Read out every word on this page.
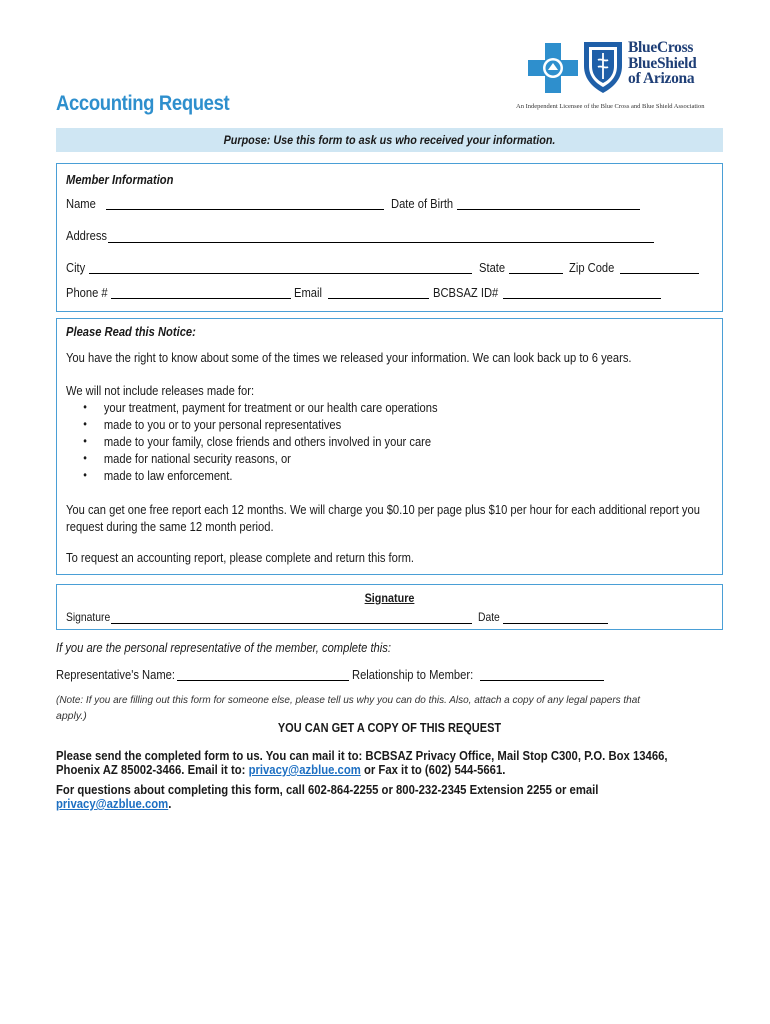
BlueCross
BlueShield
of Arizona
An Independent Licensee of the Blue Cross and Blue Shield Association
Accounting Request
Purpose: Use this form to ask us who received your information.
Member Information
Name	Date of Birth
Address
City	State	Zip Code
Phone #	Email	BCBSAZ ID#
Please Read this Notice:
You have the right to know about some of the times we released your information. We can look back up to 6 years.
We will not include releases made for:
• your treatment, payment for treatment or our health care operations
• made to you or to your personal representatives
• made to your family, close friends and others involved in your care
• made for national security reasons, or
• made to law enforcement.
You can get one free report each 12 months. We will charge you $0.10 per page plus $10 per hour for each additional report you
request during the same 12 month period.
To request an accounting report, please complete and return this form.
Signature
Signature	Date
If you are the personal representative of the member, complete this:
Representative's Name:	Relationship to Member:
(Note: If you are filling out this form for someone else, please tell us why you can do this. Also, attach a copy of any legal papers that
apply.)
YOU CAN GET A COPY OF THIS REQUEST
Please send the completed form to us. You can mail it to: BCBSAZ Privacy Office, Mail Stop C300, P.O. Box 13466,
Phoenix AZ 85002-3466. Email it to: privacy@azblue.com or Fax it to (602) 544-5661.
For questions about completing this form, call 602-864-2255 or 800-232-2345 Extension 2255 or email
privacy@azblue.com.
